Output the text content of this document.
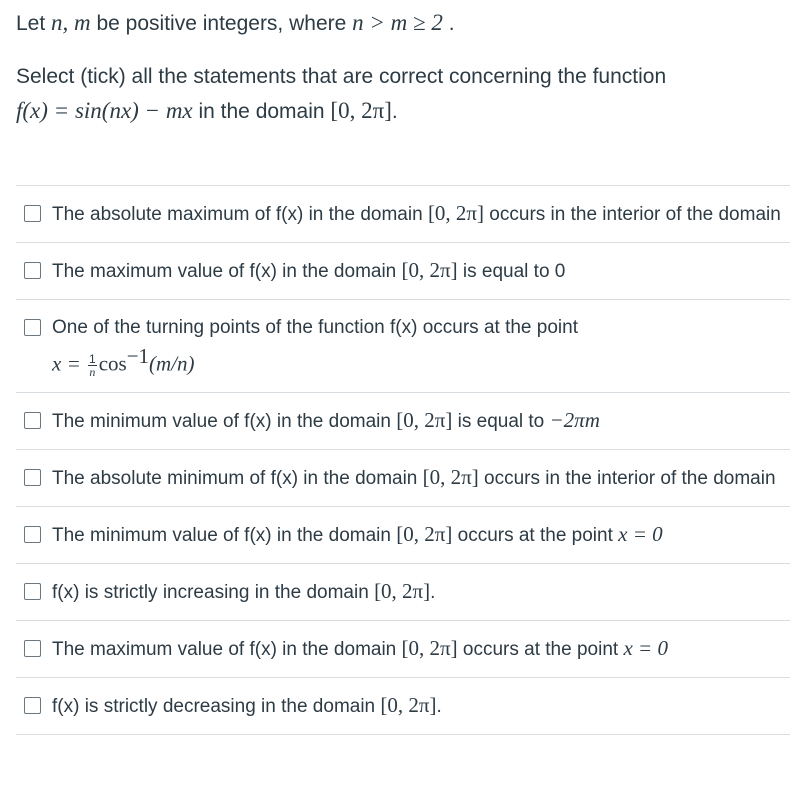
Let n, m be positive integers, where n > m ≥ 2 .
Select (tick) all the statements that are correct concerning the function
f(x) = sin(nx) − mx in the domain [0, 2π].
The absolute maximum of f(x) in the domain [0, 2π] occurs in the interior of the domain
The maximum value of f(x) in the domain [0, 2π] is equal to 0
One of the turning points of the function f(x) occurs at the point
$x = \frac{1}{n} \cos^{-1}(m/n)$
The minimum value of f(x) in the domain [0, 2π] is equal to −2πm
The absolute minimum of f(x) in the domain [0, 2π] occurs in the interior of the domain
The minimum value of f(x) in the domain [0, 2π] occurs at the point x = 0
f(x) is strictly increasing in the domain [0, 2π].
The maximum value of f(x) in the domain [0, 2π] occurs at the point x = 0
f(x) is strictly decreasing in the domain [0, 2π].
